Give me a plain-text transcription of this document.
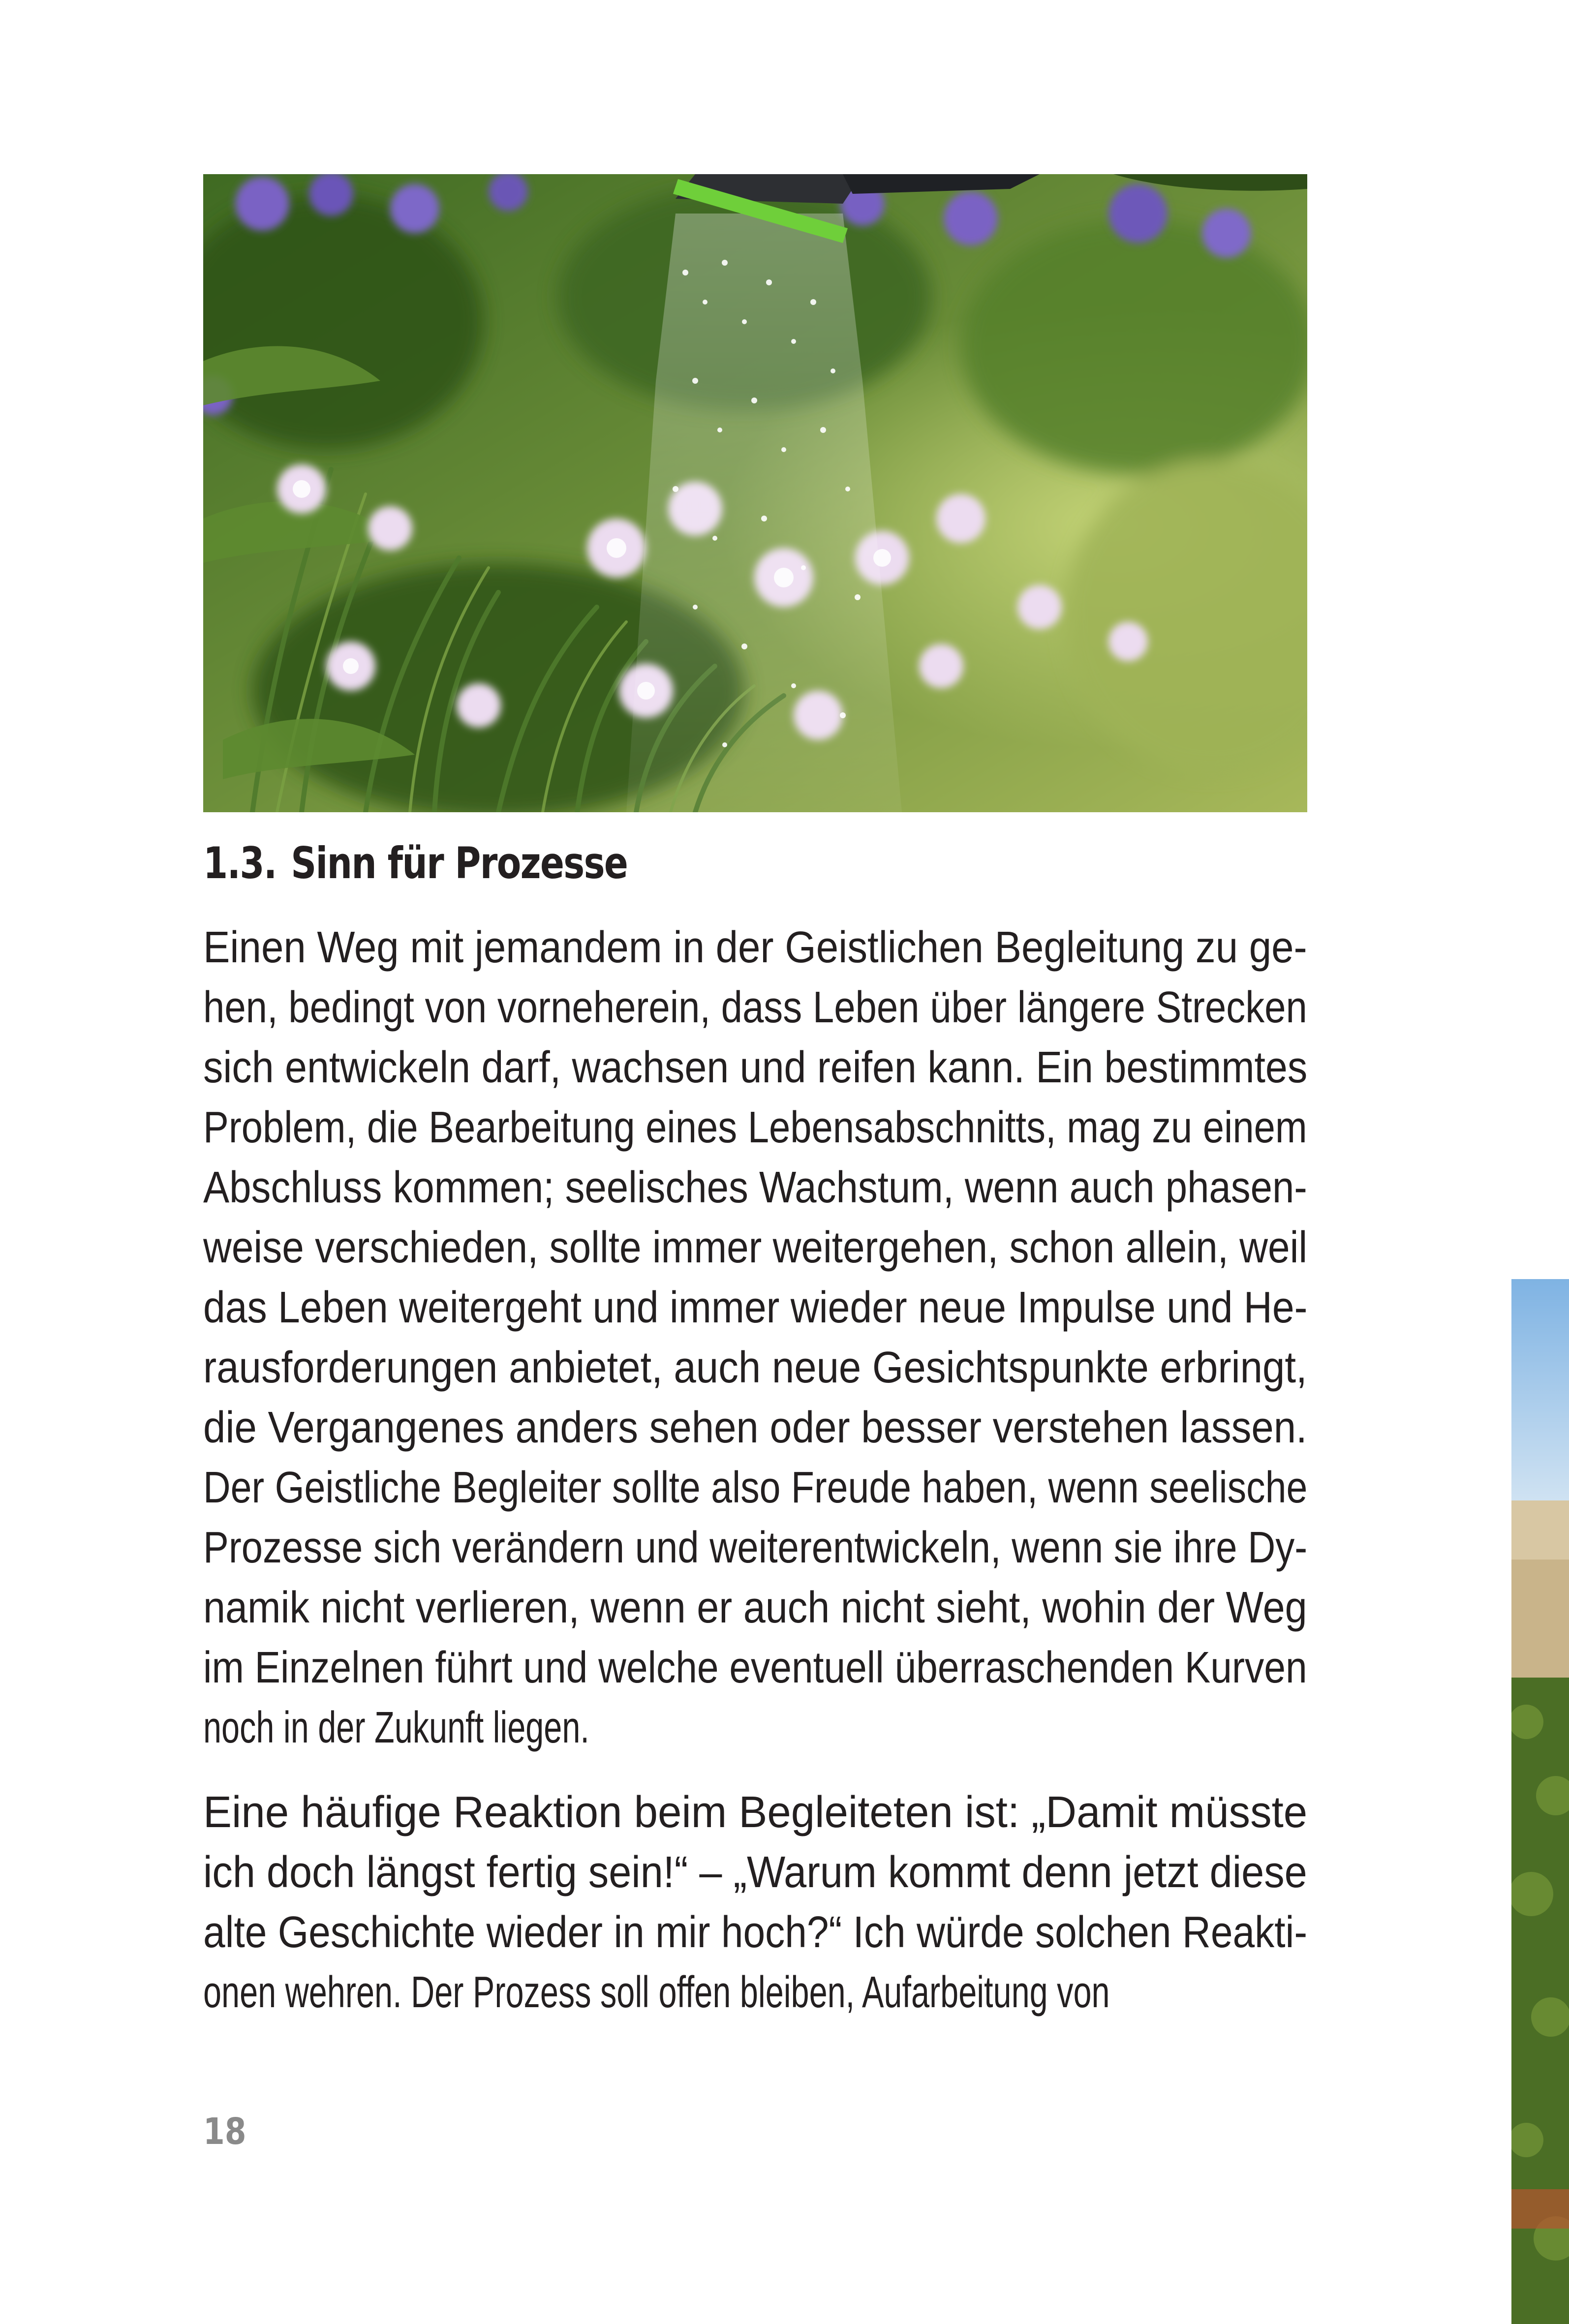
1.3. Sinn für Prozesse
Einen Weg mit jemandem in der Geistlichen Begleitung zu ge-
hen, bedingt von vorneherein, dass Leben über längere Strecken
sich entwickeln darf, wachsen und reifen kann. Ein bestimmtes
Problem, die Bearbeitung eines Lebensabschnitts, mag zu einem
Abschluss kommen; seelisches Wachstum, wenn auch phasen-
weise verschieden, sollte immer weitergehen, schon allein, weil
das Leben weitergeht und immer wieder neue Impulse und He-
rausforderungen anbietet, auch neue Gesichtspunkte erbringt,
die Vergangenes anders sehen oder besser verstehen lassen.
Der Geistliche Begleiter sollte also Freude haben, wenn seelische
Prozesse sich verändern und weiterentwickeln, wenn sie ihre Dy-
namik nicht verlieren, wenn er auch nicht sieht, wohin der Weg
im Einzelnen führt und welche eventuell überraschenden Kurven
noch in der Zukunft liegen.
Eine häufige Reaktion beim Begleiteten ist: „Damit müsste
ich doch längst fertig sein!“ – „Warum kommt denn jetzt diese
alte Geschichte wieder in mir hoch?“ Ich würde solchen Reakti-
onen wehren. Der Prozess soll offen bleiben, Aufarbeitung von
18
